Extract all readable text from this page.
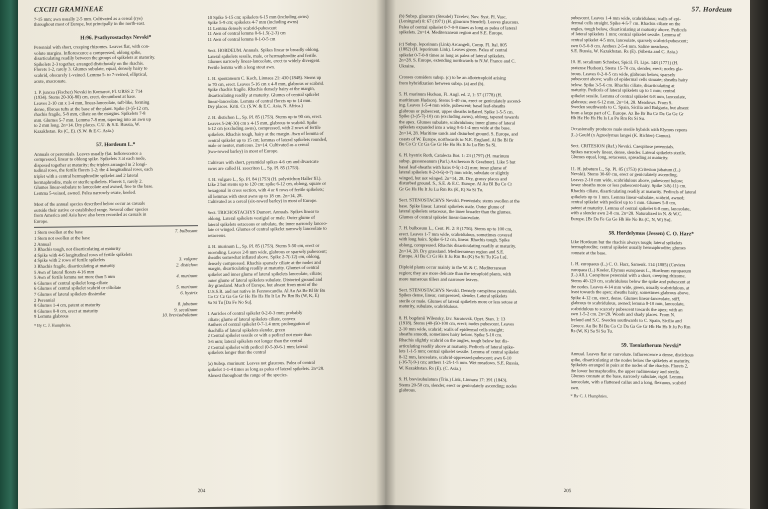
CXCIII GRAMINEAE

7-15 mm; awn usually 2-5 mm. Cultivated as a cereal (rye)

throughout most of Europe, but principally in the north-east.

H:96. Psathyrostachys Nevski*

Perennial with short, creeping rhizomes. Leaves flat, with con-

volute margins. Inflorescence a compressed, oblong spike,

disarticulating readily between the groups of spikelets at maturity.

Spikelets 2-3 together, arranged distichously on the rhachis.

Florets 1-2, rarely 3. Glumes subulate, equal, densely hairy to

scabrid, obscurely 1-veined. Lemma 5- to 7-veined, elliptical,

acute, mucronate.

1. P. juncea (Fischer) Nevski in Komarov, Fl. URSS 2: 714

(1934). Stems 20-30(-80) cm, erect, decumbent at base.

Leaves 2-10 cm x 1-4 mm, linear-lanceolate, tuft-like, forming

dense, fibrous tufts at the base of the plant. Spike (3-)5-12 cm,

rhachis fragile, 5-8 mm, ciliate on the margins. Spikelets 7-8

mm. Glumes 5-7 mm. Lemma 7-8 mm, tapering into an awn up

to 2 mm long. 2n=14. Dry places. C.U. & S.E. Russia, W.

Kazakhstan. Rs (C, E). (S.W. & E.C. Asia.)

57. Hordeum L.*

Annuals or perennials. Leaves usually flat. Inflorescence a

compressed, linear to oblong spike. Spikelets 3 at each node,

disposed together at maturity; the triplets arranged in 2 longi-

tudinal rows, the fertile florets 1-2; the 4 longitudinal rows, each

triplet with a central hermaphrodite spikelet and 2 lateral

hermaphrodite, male or sterile spikelets. Florets 1, rarely 2.

Glumes linear-subulate to lanceolate and awned, free to the base.

Lemma 5-veined, awned. Palea narrowly ovate, keeled.

Most of the annual species described below occur as casuals

outside their native or established range. Several other species

from America and Asia have also been recorded as casuals in

Europe.

1 Stem swollen at the base	7. bulbosum
1 Stem not swollen at the base
2 Annual
3 Rhachis tough, not disarticulating at maturity
4 Spike with 4-6 longitudinal rows of fertile spikelets
4 Spike with 2 rows of fertile spikelets	3. vulgare
3 Rhachis fragile, disarticulating at maturity	2. distichon
5 Awn of lateral florets 4-16 mm
5 Awn of fertile lemma not more than 5 mm	4. murinum
6 Glumes of central spikelet long-ciliate
6 Glumes of central spikelet scabrid or ciliolate	5. marinum
7 Glumes of lateral spikelets dissimilar	6. hystrix
2 Perennial
8 Glumes 1-4 cm, patent at maturity	8. jubatum
8 Glumes 0-8 cm, erect at maturity	9. secalinum
9 Lemma glabrous	10. brevisubulatum
* By C. J. Humphries.

10 Spike 5-15 cm; spikelets 6-15 mm (including awns)

Spike 5-9 cm; spikelets 4-7 mm (including awns)

11 Lemma densely scabrid-pubescent

11 Awn of central lemma 0-6-1.5(-2-3) cm

11 Awn of central lemma 0-1-0-5 cm

Sect. HORDEUM. Annuals. Spikes linear to broadly oblong.

Lateral spikelets sessile, male, or hermaphrodite and fertile.

Glumes narrowly linear-lanceolate, erect to widely divergent.

Fertile lemma with a long stout awn.

1. H. spontaneum C. Koch, Linnaea 21: 430 (1848). Stems up

to 70 cm, erect. Leaves 5-16 cm x 4-8 mm, glabrous or scabrid.

Spike rhachis fragile. Rhachis densely hairy at the margin,

disarticulating readily at maturity. Glumes of central spikelet

linear-lanceolate. Lemma of central florets up to 14 mm.

Dry places. Kriti. Cr. (S.W. & E.C. Asia, N. Africa.)

2. H. distichon L., Sp. Pl. 85 (1753). Stems up to 90 cm, erect.

Leaves 5-24(-30) cm x 4-15 mm, glabrous to scabrid. Spike

6-12 cm (excluding awns), compressed, with 2 rows of fertile

spikelets. Rhachis tough, hairy at the margin. Awn of lemma of

central spikelet up to 15 cm; lemmas of lateral spikelets rounded,

male or neuter, muticous. 2n=14. Cultivated as a cereal

(two-rowed barley) in most of Europe.

Cultivars with short, pyramidal spikes 4-6 cm and divaricate

awns are called H. zeocriton L., Sp. Pl. 85 (1753).

3. H. vulgare L., Sp. Pl. 84 (1753) (H. polystichon Haller fil.).

Like 2 but stems up to 120 cm; spike 6-12 cm, oblong, square or

hexagonal in cross section, with 4 or 6 rows of fertile spikelets;

all lemmas with stout awns up to 18 cm. 2n=14, 28.

Cultivated as a cereal (six-rowed barley) in most of Europe.

Sect. TRICHOSTACHYS Dumort. Annuals. Spikes linear to

oblong. Lateral spikelets vestigial or male. Outer glume of

lateral spikelets setaceous or subulate, the inner narrowly lanceo-

late or winged. Glumes of central spikelet narrowly lanceolate to

setaceous.

4. H. murinum L., Sp. Pl. 85 (1753). Stems 5-50 cm, erect or

ascending. Leaves 2-8 mm wide, glabrous or sparsely pubescent;

sheaths somewhat inflated above. Spike 2-7(-12) cm, oblong,

densely compressed. Rhachis sparsely ciliate at the nodes and

margin, disarticulating readily at maturity. Glumes of central

spikelet and inner glume of lateral spikelets lanceolate, ciliate;

outer glume of lateral spikelets subulate. Distorted ground and

dry grassland. Much of Europe, but absent from most of the

U.S.S.R. and not native in Fennoscandia. Al Au Az Be Bl Br Bu

Co Cr Cz Ga Ge Gr He Ho Hs Hu It Lu Po Rm Rs (W, K, E)

Sa Si Tu [Da Fe No Su].

1 Auricles of central spikelet 0-2-0-3 mm; probably

ciliate; glume of lateral spikelets ciliate, convex

Anthers of central spikelet 0-7-1.4 mm; prolongation of

rhachilla of lateral spikelets slender, green

2 Central spikelet sessile or with a pedicel not more than

0-6 mm; lateral spikelets not longer than the central

2 Central spikelet with pedicel (0-5-)0-6-1 mm; lateral

spikelets longer than the central

(a) Subsp. murinum: Leaves not glaucous. Palea of central

spikelet 1-1-4 times as long as palea of lateral spikelets. 2n=28.

Almost throughout the range of the species.

204
57. Hordeum

(b) Subsp. glaucum (Steudel) Tzvelev, Nov. Syst. Pl. Vasc.

(Leningrad) 8: 67 (1971) (H. glaucum Steudel). Leaves glaucous.

Palea of central spikelet 0-7-0-9 times as long as palea of lateral

spikelets. 2n=14. Mediterranean region and S.E. Europe.

(c) Subsp. leporinum (Link) Arcangeli, Comp. Fl. Ital. 805

(1882) (H. leporinum Link). Leaves green. Palea of central

spikelet 0-7-0-9 times as long as palea of lateral spikelets.

2n=28. S. Europe, extending northwards to N.W. France and C.

Ukraine.

Crosses considers subsp. (c) to be an allotetraploid arising

from hybridization between subsp. (a) and (b).

5. H. marinum Hudson, Fl. Angl. ed. 2, 1: 57 (1778) (H.

maritimum Hudson). Stems 5-40 cm, erect or geniculately ascend-

ing. Leaves 1-5-4 mm wide, pubescent; basal leaf-sheaths

glabrous or pubescent, upper sheaths inflated. Spike 1-5-5 cm.

Spike (3-)5-7(-10) cm (excluding awns), oblong, tapered towards

the apex. Glumes subulate, scabridulous; inner glume of lateral

spikelets expanded into a wing 0-6-1-4 mm wide at the base.

2n=14, 28. Maritime sands and disturbed ground. S. Europe, and

coasts of W. Europe, northwards to N.E. England. Al Be Bl Br

Bu Co Cr Cz Ga Ge Gr He Ho Hs It Ju Lu Rm Sa Si.

6. H. hystrix Roth, Catalecta Bot. 1: 23 (1797) (H. marinum

subsp. gussoneanum (Parl.) Ascherson & Graebner). Like 5 but

basal leaf-sheaths with hairs 0-5(-1-2) mm; inner glume of

lateral spikelets 0-2-0-6(-0-7) mm wide, subulate or slightly

winged, but not winged. 2n=14, 28. Dry, grassy places and

disturbed ground. S., S.E. & E.C. Europe. Al Au Bl Bu Co Cr

Gr Ge Hs Hu It Ju Lu Rm Rs (K, E) Sa Si Tu.

Sect. STENOSTACHYS Nevski. Perennials; stems swollen at the

base. Spike linear. Lateral spikelets male. Outer glume of

lateral spikelets setaceous, the inner broader than the glumes.

Glumes of central spikelet linear-lanceolate.

7. H. bulbosum L., Cent. Pl. 2: 8 (1756). Stems up to 100 cm,

erect. Leaves 1-7 mm wide, scabridulous, sometimes covered

with long hairs. Spike 6-12 cm, linear. Rhachis tough. Spike

oblong, compressed. Rhachis disarticulating readily at maturity.

2n=14, 28. Dry grassland. Mediterranean region and S.E.

Europe. Al Bu Cr Gr Hs It Ju Rm Rs (K) Sa Si Tu [Ga Lu].

Diploid plants occur mainly in the W. & C. Mediterranean

region; they are more delicate than the tetraploid plants, with

more numerous tillers and narrower leaves.

Sect. STENOSTACHYS Nevski. Densely caespitose perennials.

Spikes dense, linear, compressed, slender. Lateral spikelets

sterile or male. Glumes of lateral spikelets more or less setose at

maturity, subulate, scabridulous.

8. H. bogdanii Wilensky, Izv. Saratovsk. Opyt. Stan. 1: 13

(1918). Stems (40-)50-100 cm, erect; nodes pubescent. Leaves

2-10 mm wide, scabrid; walls of epidermal cells straight;

sheaths smooth, sometimes hairy below. Spike 5-10 cm.

Rhachis slightly scabrid on the angles, tough below but dis-

articulating readily above at maturity. Pedicels of lateral spike-

lets 1-1-5 mm; central spikelet sessile. Lemma of central spikelet

8-12 mm, lanceolate, scabrid-appressed-pubescent; awn 6-10

(-16-7(-9-) cm; anthers 1-25-1-5 mm. Wet meadows. S.E. Russia,

W. Kazakhstan. Rs (E). (C. Asia.)

9. H. brevisubulatum (Trin.) Link, Linnaea 17: 391 (1843).

Stems 20-50 cm, slender, erect or geniculately ascending; nodes

glabrous.

pubescent. Leaves 1-4 mm wide, scabridulous; walls of epi-

dermal cells straight. Spike 4-5-7 cm. Rhachis ciliate on the

angles, tough below, disarticulating at maturity above. Pedicels

of lateral spikelets 1 mm; central spikelet sessile. Lemma of

central spikelet 4-5 mm, lanceolate, sparsely scabrid-pubescent;

awn 0-5-0-9 cm. Anthers 2-5-4 mm. Saline meadows.

S.E. Russia, W. Kazakhstan. Rs (E). (Siberia and C. Asia.)

10. H. secalinum Schreber, Spicil. Fl. Lips. 148 (1771) (H.

pratense Hudson). Stems 15-70 cm, slender, erect; nodes gla-

brous. Leaves 0-2-0-5 cm wide, glabrous below, sparsely

pubescent above; walls of epidermal cells sinuate; sheaths hairy

below. Spike 3-5-6 cm. Rhachis ciliate, disarticulating at

maturity. Pedicels of lateral spikelets up to 1 mm; central

spikelet sessile. Lemma of central spikelet 6-8 mm, lanceolate,

glabrous; awn 6-12 mm. 2n=14, 28. Meadows. From S.

Sweden southwards to C. Spain, Sicilia and Bulgaria, but absent

from a large part of C. Europe. Az Be Br Bu Cz Da Ga Ge Gr

Hb He Ho Hs Hu Is Lu Po Rm Rs Si Su.

Occasionally produces male sterile hybrids with Elymus repens

(L.) Gould (x Agroelymus langei (K. Richter) Camus).

Sect. CRITESION (Raf.) Nevski. Caespitose perennials.

Spikes narrowly linear, dense, slender. Lateral spikelets sterile.

Glumes equal, long, setaceous, spreading at maturity.

11. H. jubatum L., Sp. Pl. 85 (1753) (Critesion jubatum (L.)

Nevski). Stems 30-60 cm, erect or geniculately ascending.

Leaves 2-10 mm wide, scabridulous above, pubescent below;

lower sheaths more or less pubescent-hairy. Spike 3-8(-11) cm.

Rhachis ciliate, disarticulating readily at maturity. Pedicels of lateral

spikelets up to 1 mm. Lemma linear-subulate, scabrid, awned;

central spikelet with pedicel up to 1 mm. Glumes 5-8 cm,

patent at maturity. Lemma of central spikelet 6-8 mm, lanceolate,

with a slender awn 2-8 cm. 2n=28. Naturalized in N. & W.C.

Europe. [Br Da Fe Ga Ge Hb He No Rs (C, N, W) Su].

58. Hordelymus (Jessen) C. O. Harz*

Like Hordeum but the rhachis always tough; lateral spikelets

hermaphrodite; central spikelet usually hermaphrodite; glumes

connate at the base.

1. H. europaeus (L.) C. O. Harz, Samenk. 114 (1885) (Cuviera

europaea (L.) Koeler, Elymus europaeus L., Hordeum europaeum

(L.) All.). Caespitose perennial with a short, creeping rhizome.

Stems 40-120 cm, scabridulous below the spike and pubescent at

the nodes. Leaves 4-14 mm wide, green, usually scabridulous, at

least towards the apex; sheaths hairy, sometimes glabrous above.

Spike 4-12 cm, erect, dense. Glumes linear-lanceolate, stiff,

glabrous to scabridulous, awned; lemma 8-10 mm, lanceolate,

scabridulous to scarcely pubescent towards the apex; with an

awn 1-5-2 cm. 2n=28. Woods and shady places. From N.

Ireland and S.C. Sweden southwards to C. Spain, Sicilia and

Greece. Au Be Bl Bu Co Cz Da Ga Ge Gr Hb Ho Hs It Ju Po Rm

Rs (W, K) Sa Si Su Tu.

59. Taeniatherum Nevski*

Annual. Leaves flat or convolute. Inflorescence a dense, distichous

spike, disarticulating at the nodes below the spikelets at maturity.

Spikelets arranged in pairs at the nodes of the rhachis. Florets 2,

the lower hermaphrodite, the upper rudimentary and sterile.

Glumes connate at the base, narrowly subulate, rigid. Lemma

lanceolate, with a flattened callus and a long, flexuous, scabrid

awn.

* By C. J. Humphries.
205
